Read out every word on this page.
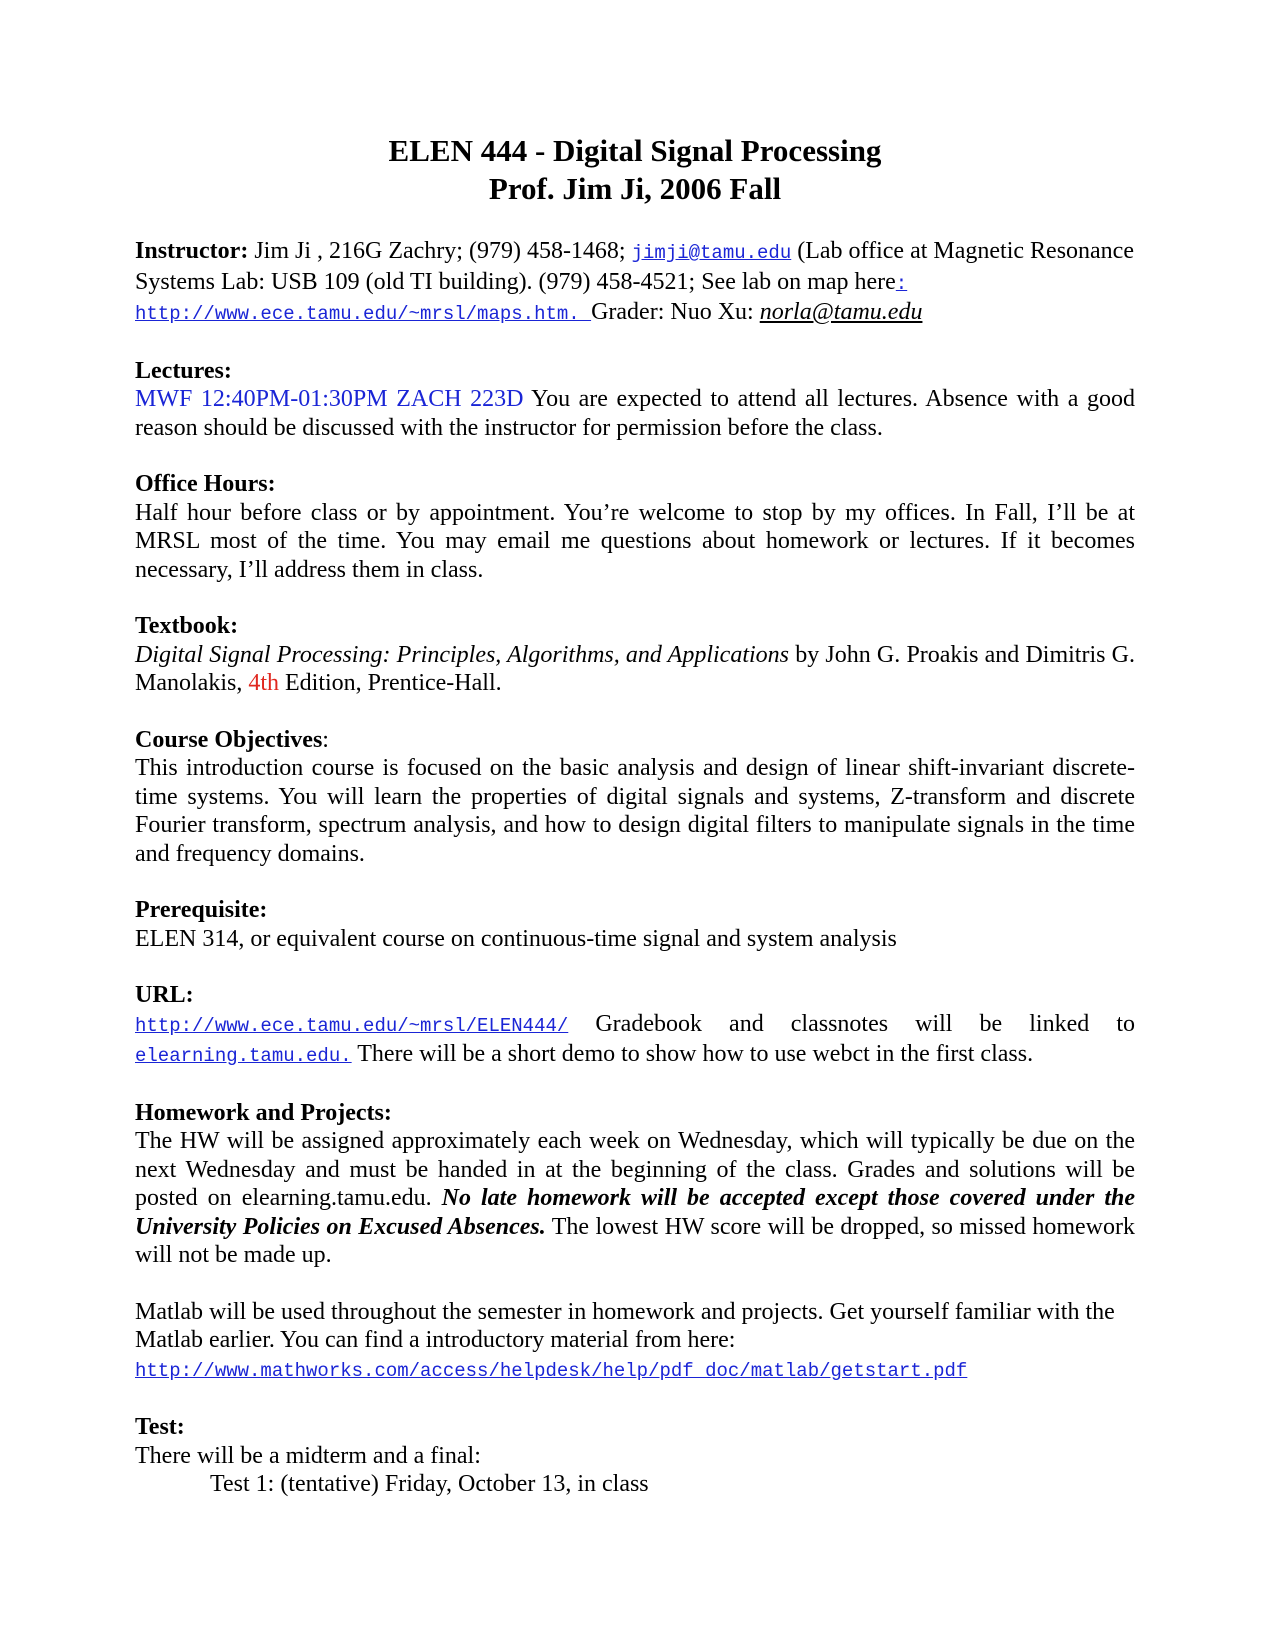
ELEN 444 - Digital Signal Processing
Prof. Jim Ji, 2006 Fall

Instructor: Jim Ji , 216G Zachry; (979) 458-1468; jimji@tamu.edu (Lab office at Magnetic Resonance Systems Lab: USB 109 (old TI building). (979) 458-4521; See lab on map here:
http://www.ece.tamu.edu/~mrsl/maps.htm. Grader: Nuo Xu: norla@tamu.edu

Lectures:
MWF 12:40PM-01:30PM ZACH 223D You are expected to attend all lectures. Absence with a good reason should be discussed with the instructor for permission before the class.

Office Hours:
Half hour before class or by appointment. You’re welcome to stop by my offices. In Fall, I’ll be at MRSL most of the time. You may email me questions about homework or lectures. If it becomes necessary, I’ll address them in class.

Textbook:
Digital Signal Processing: Principles, Algorithms, and Applications by John G. Proakis and Dimitris G. Manolakis, 4th Edition, Prentice-Hall.

Course Objectives:
This introduction course is focused on the basic analysis and design of linear shift-invariant discrete-time systems. You will learn the properties of digital signals and systems, Z-transform and discrete Fourier transform, spectrum analysis, and how to design digital filters to manipulate signals in the time and frequency domains.

Prerequisite:
ELEN 314, or equivalent course on continuous-time signal and system analysis

URL:
http://www.ece.tamu.edu/~mrsl/ELEN444/ Gradebook and classnotes will be linked to elearning.tamu.edu. There will be a short demo to show how to use webct in the first class.

Homework and Projects:
The HW will be assigned approximately each week on Wednesday, which will typically be due on the next Wednesday and must be handed in at the beginning of the class. Grades and solutions will be posted on elearning.tamu.edu. No late homework will be accepted except those covered under the University Policies on Excused Absences. The lowest HW score will be dropped, so missed homework will not be made up.

Matlab will be used throughout the semester in homework and projects. Get yourself familiar with the Matlab earlier. You can find a introductory material from here:
http://www.mathworks.com/access/helpdesk/help/pdf_doc/matlab/getstart.pdf

Test:
There will be a midterm and a final:
Test 1: (tentative) Friday, October 13, in class
